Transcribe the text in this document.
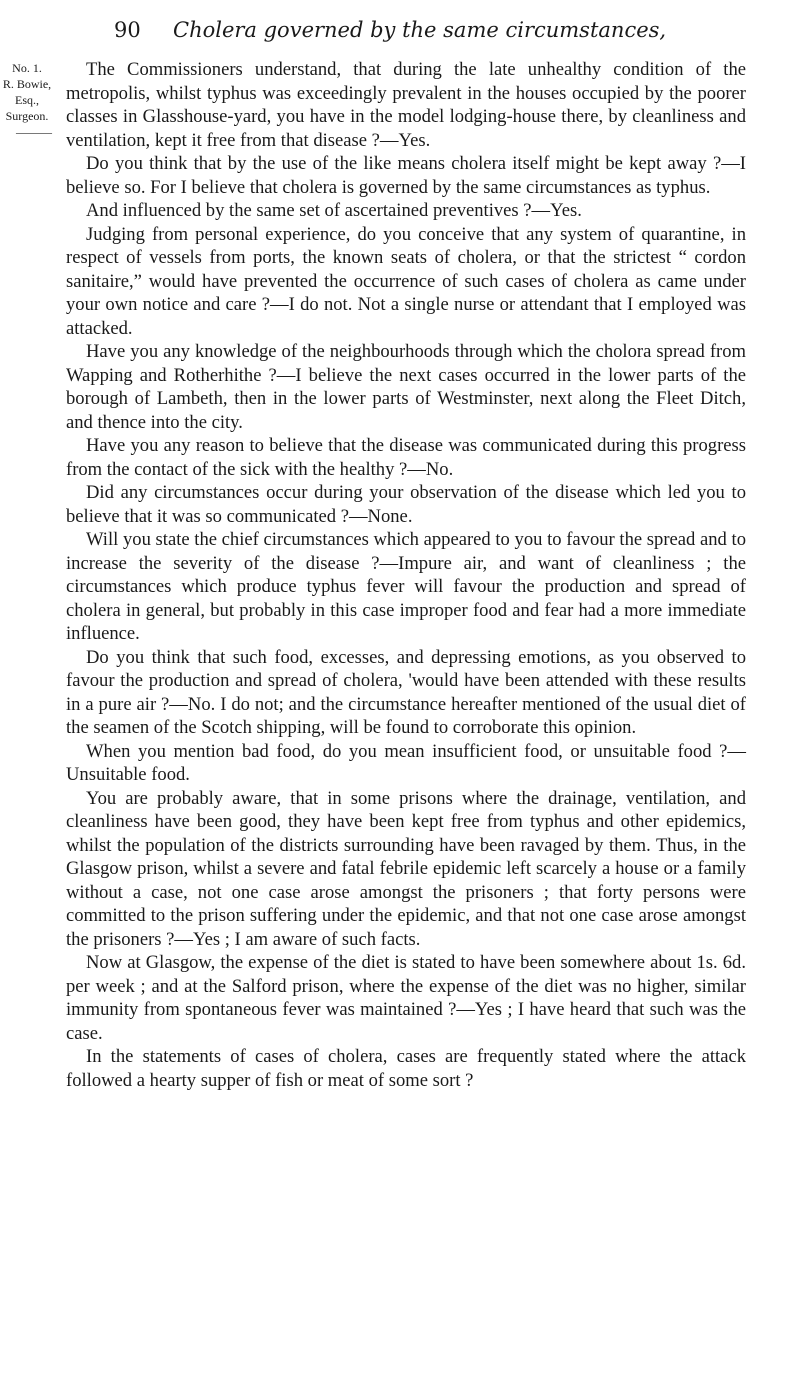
90 Cholera governed by the same circumstances,
No. 1.
R. Bowie,
Esq.,
Surgeon.
———

The Commissioners understand, that during the late unhealthy condition of the metropolis, whilst typhus was exceedingly prevalent in the houses occupied by the poorer classes in Glasshouse-yard, you have in the model lodging-house there, by cleanliness and ventilation, kept it free from that disease ?—Yes.

Do you think that by the use of the like means cholera itself might be kept away ?—I believe so. For I believe that cholera is governed by the same circumstances as typhus.

And influenced by the same set of ascertained preventives ?—Yes.

Judging from personal experience, do you conceive that any system of quarantine, in respect of vessels from ports, the known seats of cholera, or that the strictest “ cordon sanitaire,” would have prevented the occurrence of such cases of cholera as came under your own notice and care ?—I do not. Not a single nurse or attendant that I employed was attacked.

Have you any knowledge of the neighbourhoods through which the cholora spread from Wapping and Rotherhithe ?—I believe the next cases occurred in the lower parts of the borough of Lambeth, then in the lower parts of Westminster, next along the Fleet Ditch, and thence into the city.

Have you any reason to believe that the disease was communicated during this progress from the contact of the sick with the healthy ?—No.

Did any circumstances occur during your observation of the disease which led you to believe that it was so communicated ?—None.

Will you state the chief circumstances which appeared to you to favour the spread and to increase the severity of the disease ?—Impure air, and want of cleanliness ; the circumstances which produce typhus fever will favour the production and spread of cholera in general, but probably in this case improper food and fear had a more immediate influence.

Do you think that such food, excesses, and depressing emotions, as you observed to favour the production and spread of cholera, 'would have been attended with these results in a pure air ?—No. I do not; and the circumstance hereafter mentioned of the usual diet of the seamen of the Scotch shipping, will be found to corroborate this opinion.

When you mention bad food, do you mean insufficient food, or unsuitable food ?—Unsuitable food.

You are probably aware, that in some prisons where the drainage, ventilation, and cleanliness have been good, they have been kept free from typhus and other epidemics, whilst the population of the districts surrounding have been ravaged by them. Thus, in the Glasgow prison, whilst a severe and fatal febrile epidemic left scarcely a house or a family without a case, not one case arose amongst the prisoners ; that forty persons were committed to the prison suffering under the epidemic, and that not one case arose amongst the prisoners ?—Yes ; I am aware of such facts.

Now at Glasgow, the expense of the diet is stated to have been somewhere about 1s. 6d. per week ; and at the Salford prison, where the expense of the diet was no higher, similar immunity from spontaneous fever was maintained ?—Yes ; I have heard that such was the case.

In the statements of cases of cholera, cases are frequently stated where the attack followed a hearty supper of fish or meat of some sort ?
